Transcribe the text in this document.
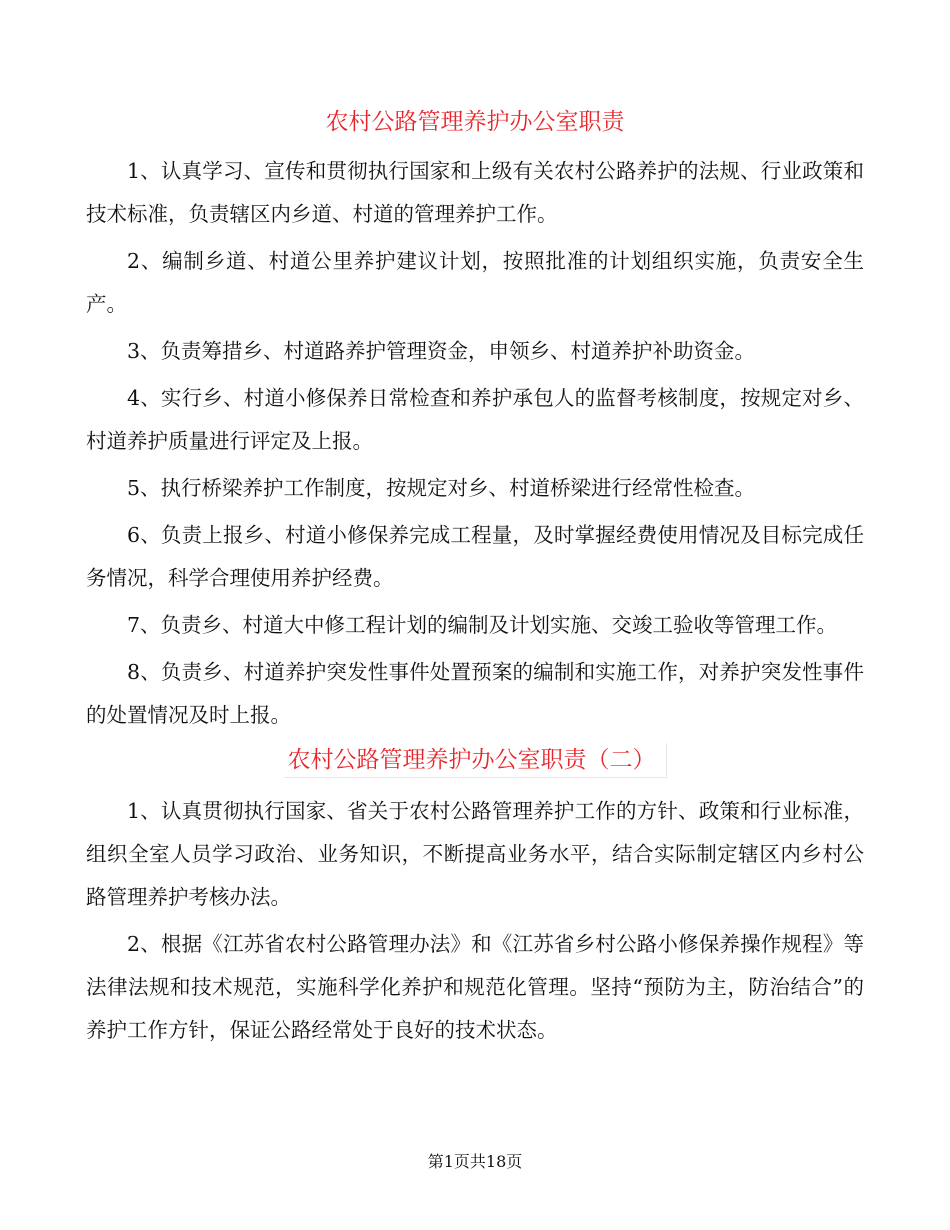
农村公路管理养护办公室职责

1、认真学习、宣传和贯彻执行国家和上级有关农村公路养护的法规、行业政策和技术标准，负责辖区内乡道、村道的管理养护工作。

2、编制乡道、村道公里养护建议计划，按照批准的计划组织实施，负责安全生产。

3、负责筹措乡、村道路养护管理资金，申领乡、村道养护补助资金。

4、实行乡、村道小修保养日常检查和养护承包人的监督考核制度，按规定对乡、村道养护质量进行评定及上报。

5、执行桥梁养护工作制度，按规定对乡、村道桥梁进行经常性检查。

6、负责上报乡、村道小修保养完成工程量，及时掌握经费使用情况及目标完成任务情况，科学合理使用养护经费。

7、负责乡、村道大中修工程计划的编制及计划实施、交竣工验收等管理工作。

8、负责乡、村道养护突发性事件处置预案的编制和实施工作，对养护突发性事件的处置情况及时上报。

农村公路管理养护办公室职责（二）

1、认真贯彻执行国家、省关于农村公路管理养护工作的方针、政策和行业标准，组织全室人员学习政治、业务知识，不断提高业务水平，结合实际制定辖区内乡村公路管理养护考核办法。

2、根据《江苏省农村公路管理办法》和《江苏省乡村公路小修保养操作规程》等法律法规和技术规范，实施科学化养护和规范化管理。坚持“预防为主，防治结合”的养护工作方针，保证公路经常处于良好的技术状态。

第1页共18页
